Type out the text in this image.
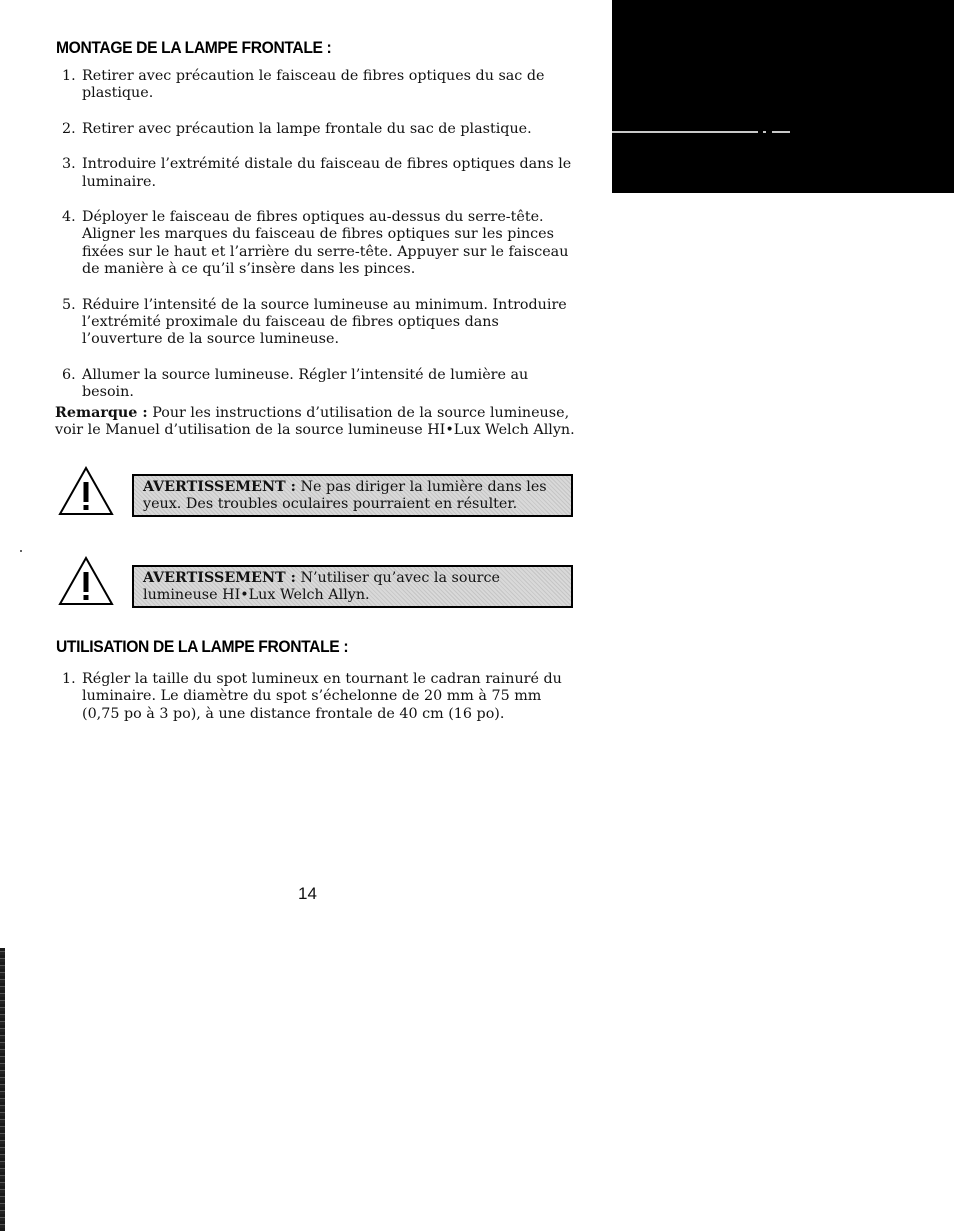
MONTAGE DE LA LAMPE FRONTALE :
1. Retirer avec précaution le faisceau de fibres optiques du sac de plastique.
2. Retirer avec précaution la lampe frontale du sac de plastique.
3. Introduire l’extrémité distale du faisceau de fibres optiques dans le luminaire.
4. Déployer le faisceau de fibres optiques au-dessus du serre-tête. Aligner les marques du faisceau de fibres optiques sur les pinces fixées sur le haut et l’arrière du serre-tête. Appuyer sur le faisceau de manière à ce qu’il s’insère dans les pinces.
5. Réduire l’intensité de la source lumineuse au minimum. Introduire l’extrémité proximale du faisceau de fibres optiques dans l’ouverture de la source lumineuse.
6. Allumer la source lumineuse. Régler l’intensité de lumière au besoin.

Remarque : Pour les instructions d’utilisation de la source lumineuse, voir le Manuel d’utilisation de la source lumineuse HI•Lux Welch Allyn.

AVERTISSEMENT : Ne pas diriger la lumière dans les yeux. Des troubles oculaires pourraient en résulter.
AVERTISSEMENT : N’utiliser qu’avec la source lumineuse HI•Lux Welch Allyn.
UTILISATION DE LA LAMPE FRONTALE :
1. Régler la taille du spot lumineux en tournant le cadran rainuré du luminaire. Le diamètre du spot s’échelonne de 20 mm à 75 mm (0,75 po à 3 po), à une distance frontale de 40 cm (16 po).
14
